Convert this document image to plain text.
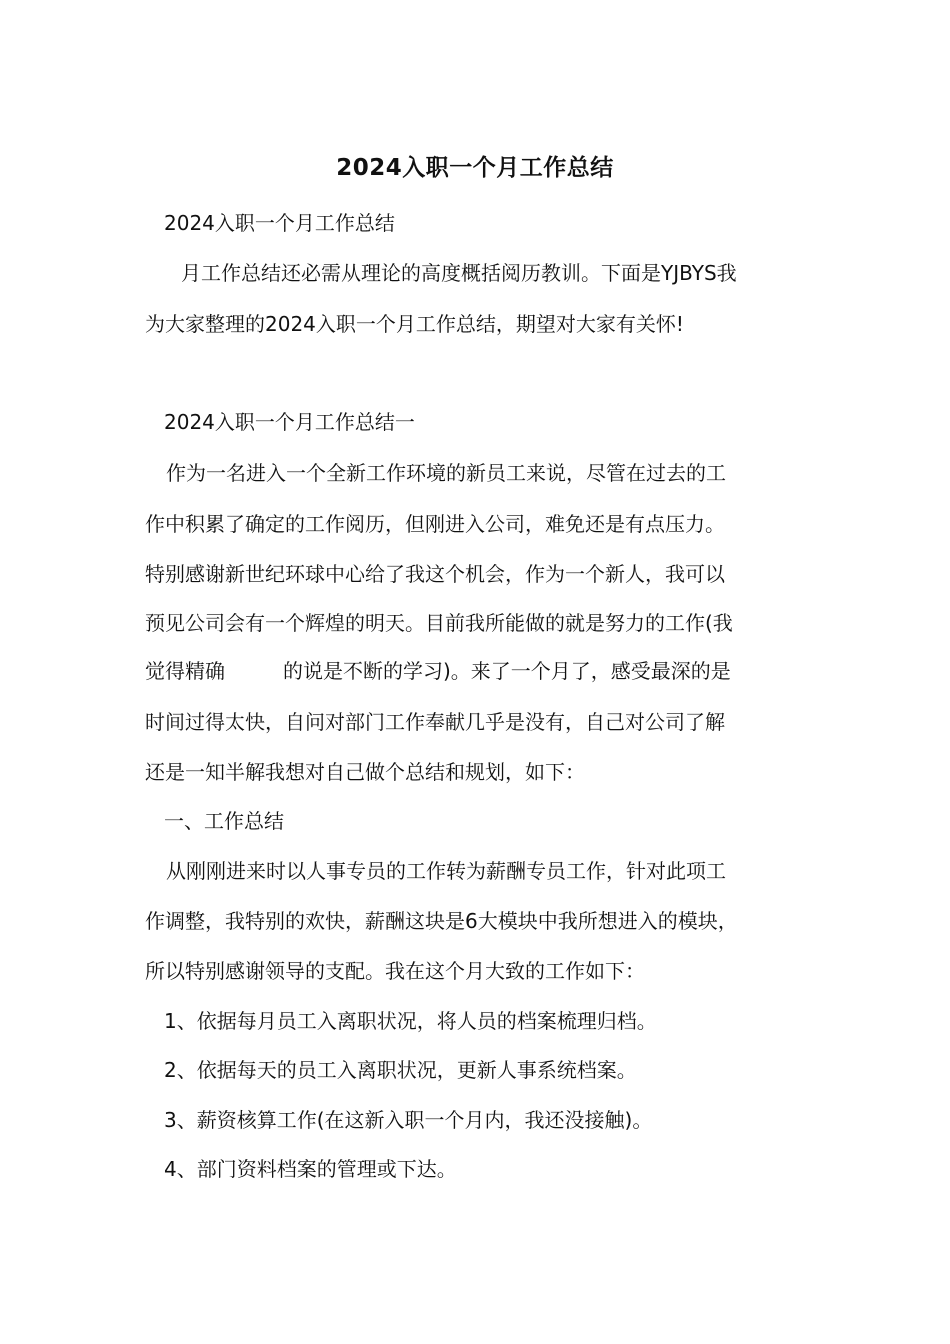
2024入职一个月工作总结
2024入职一个月工作总结
月工作总结还必需从理论的高度概括阅历教训。下面是YJBYS我
为大家整理的2024入职一个月工作总结，期望对大家有关怀!
2024入职一个月工作总结一
作为一名进入一个全新工作环境的新员工来说，尽管在过去的工
作中积累了确定的工作阅历，但刚进入公司，难免还是有点压力。
特别感谢新世纪环球中心给了我这个机会，作为一个新人，我可以
预见公司会有一个辉煌的明天。目前我所能做的就是努力的工作(我
觉得精确	的说是不断的学习)。来了一个月了，感受最深的是
时间过得太快，自问对部门工作奉献几乎是没有，自己对公司了解
还是一知半解我想对自己做个总结和规划，如下：
一、工作总结
从刚刚进来时以人事专员的工作转为薪酬专员工作，针对此项工
作调整，我特别的欢快，薪酬这块是6大模块中我所想进入的模块，
所以特别感谢领导的支配。我在这个月大致的工作如下：
1、依据每月员工入离职状况，将人员的档案梳理归档。
2、依据每天的员工入离职状况，更新人事系统档案。
3、薪资核算工作(在这新入职一个月内，我还没接触)。
4、部门资料档案的管理或下达。
